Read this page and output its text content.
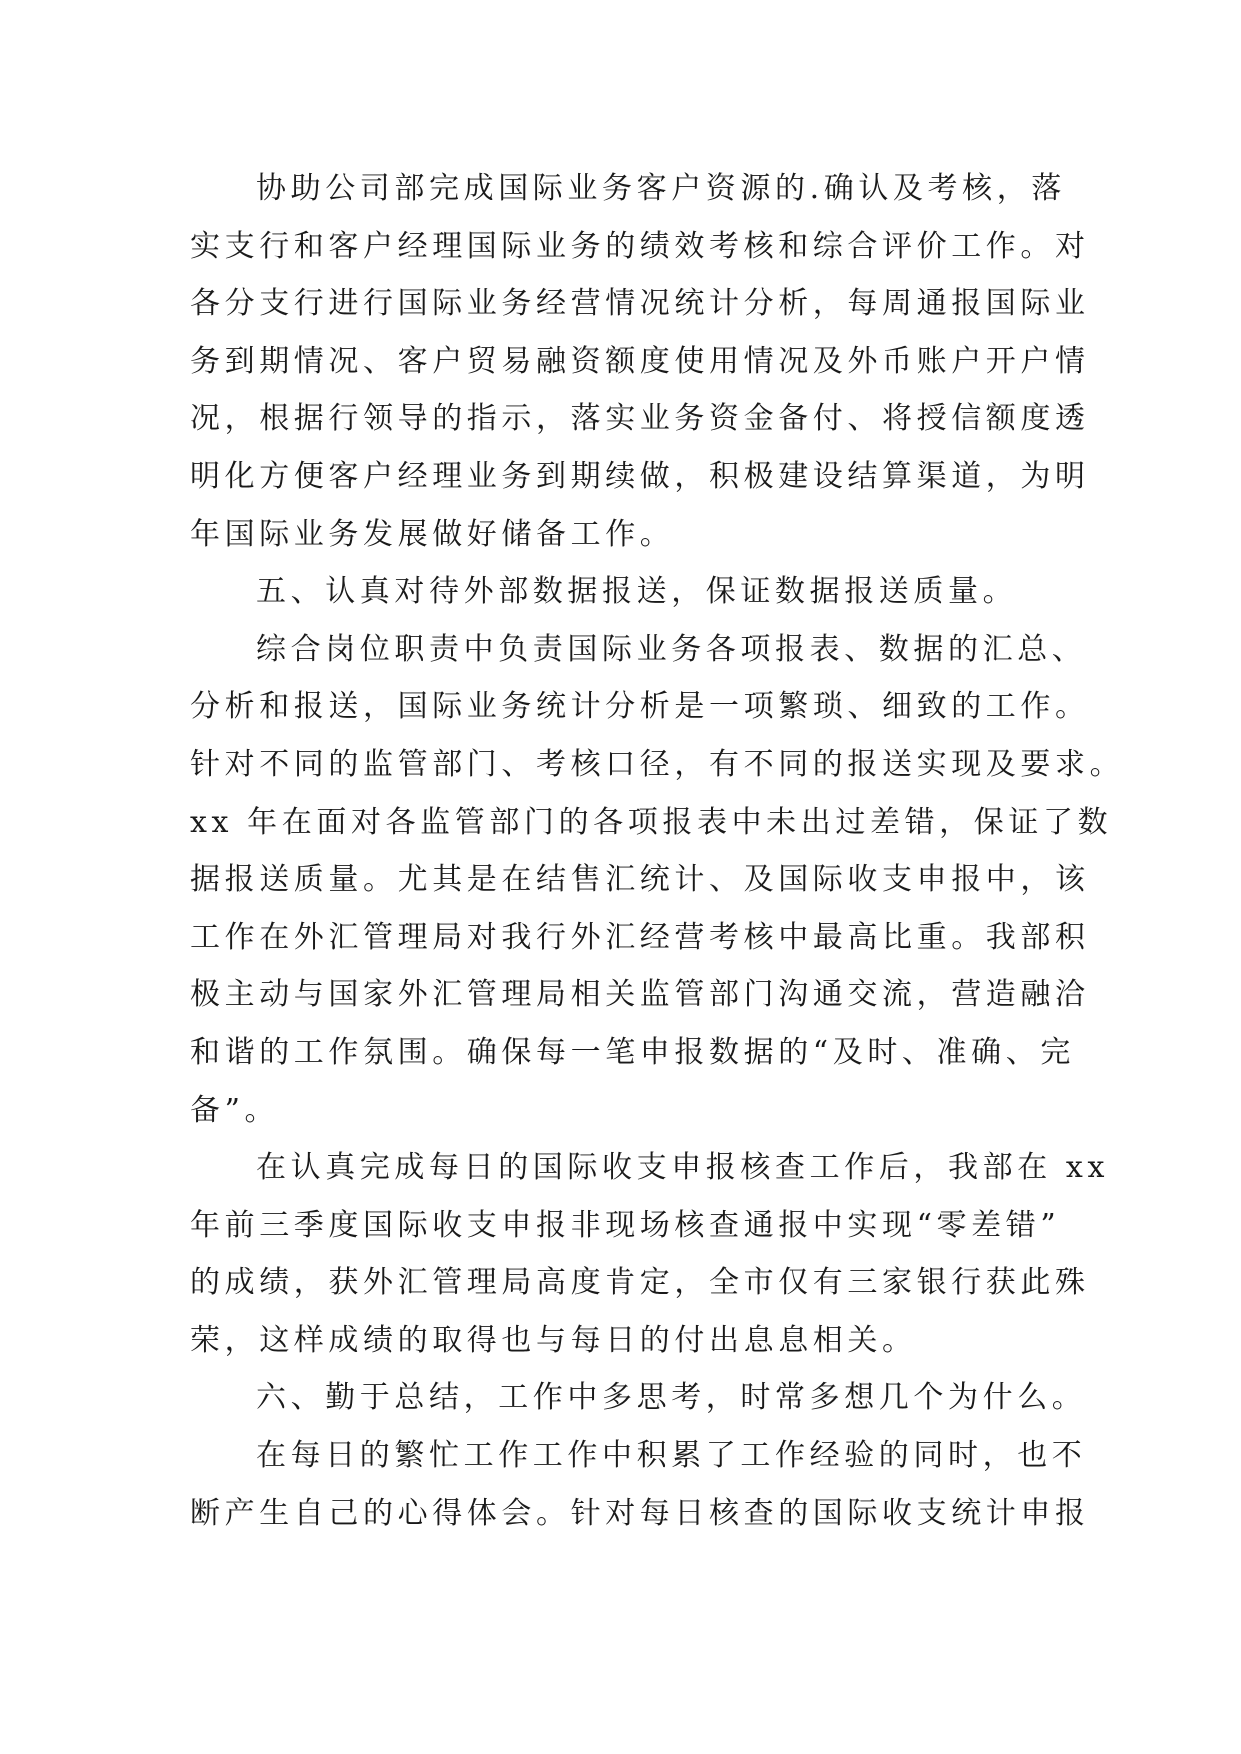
协助公司部完成国际业务客户资源的.确认及考核，落
实支行和客户经理国际业务的绩效考核和综合评价工作。对
各分支行进行国际业务经营情况统计分析，每周通报国际业
务到期情况、客户贸易融资额度使用情况及外币账户开户情
况，根据行领导的指示，落实业务资金备付、将授信额度透
明化方便客户经理业务到期续做，积极建设结算渠道，为明
年国际业务发展做好储备工作。
五、认真对待外部数据报送，保证数据报送质量。
综合岗位职责中负责国际业务各项报表、数据的汇总、
分析和报送，国际业务统计分析是一项繁琐、细致的工作。
针对不同的监管部门、考核口径，有不同的报送实现及要求。
xx 年在面对各监管部门的各项报表中未出过差错，保证了数
据报送质量。尤其是在结售汇统计、及国际收支申报中，该
工作在外汇管理局对我行外汇经营考核中最高比重。我部积
极主动与国家外汇管理局相关监管部门沟通交流，营造融洽
和谐的工作氛围。确保每一笔申报数据的“及时、准确、完
备”。
在认真完成每日的国际收支申报核查工作后，我部在 xx
年前三季度国际收支申报非现场核查通报中实现“零差错”
的成绩，获外汇管理局高度肯定，全市仅有三家银行获此殊
荣，这样成绩的取得也与每日的付出息息相关。
六、勤于总结，工作中多思考，时常多想几个为什么。
在每日的繁忙工作工作中积累了工作经验的同时，也不
断产生自己的心得体会。针对每日核查的国际收支统计申报
